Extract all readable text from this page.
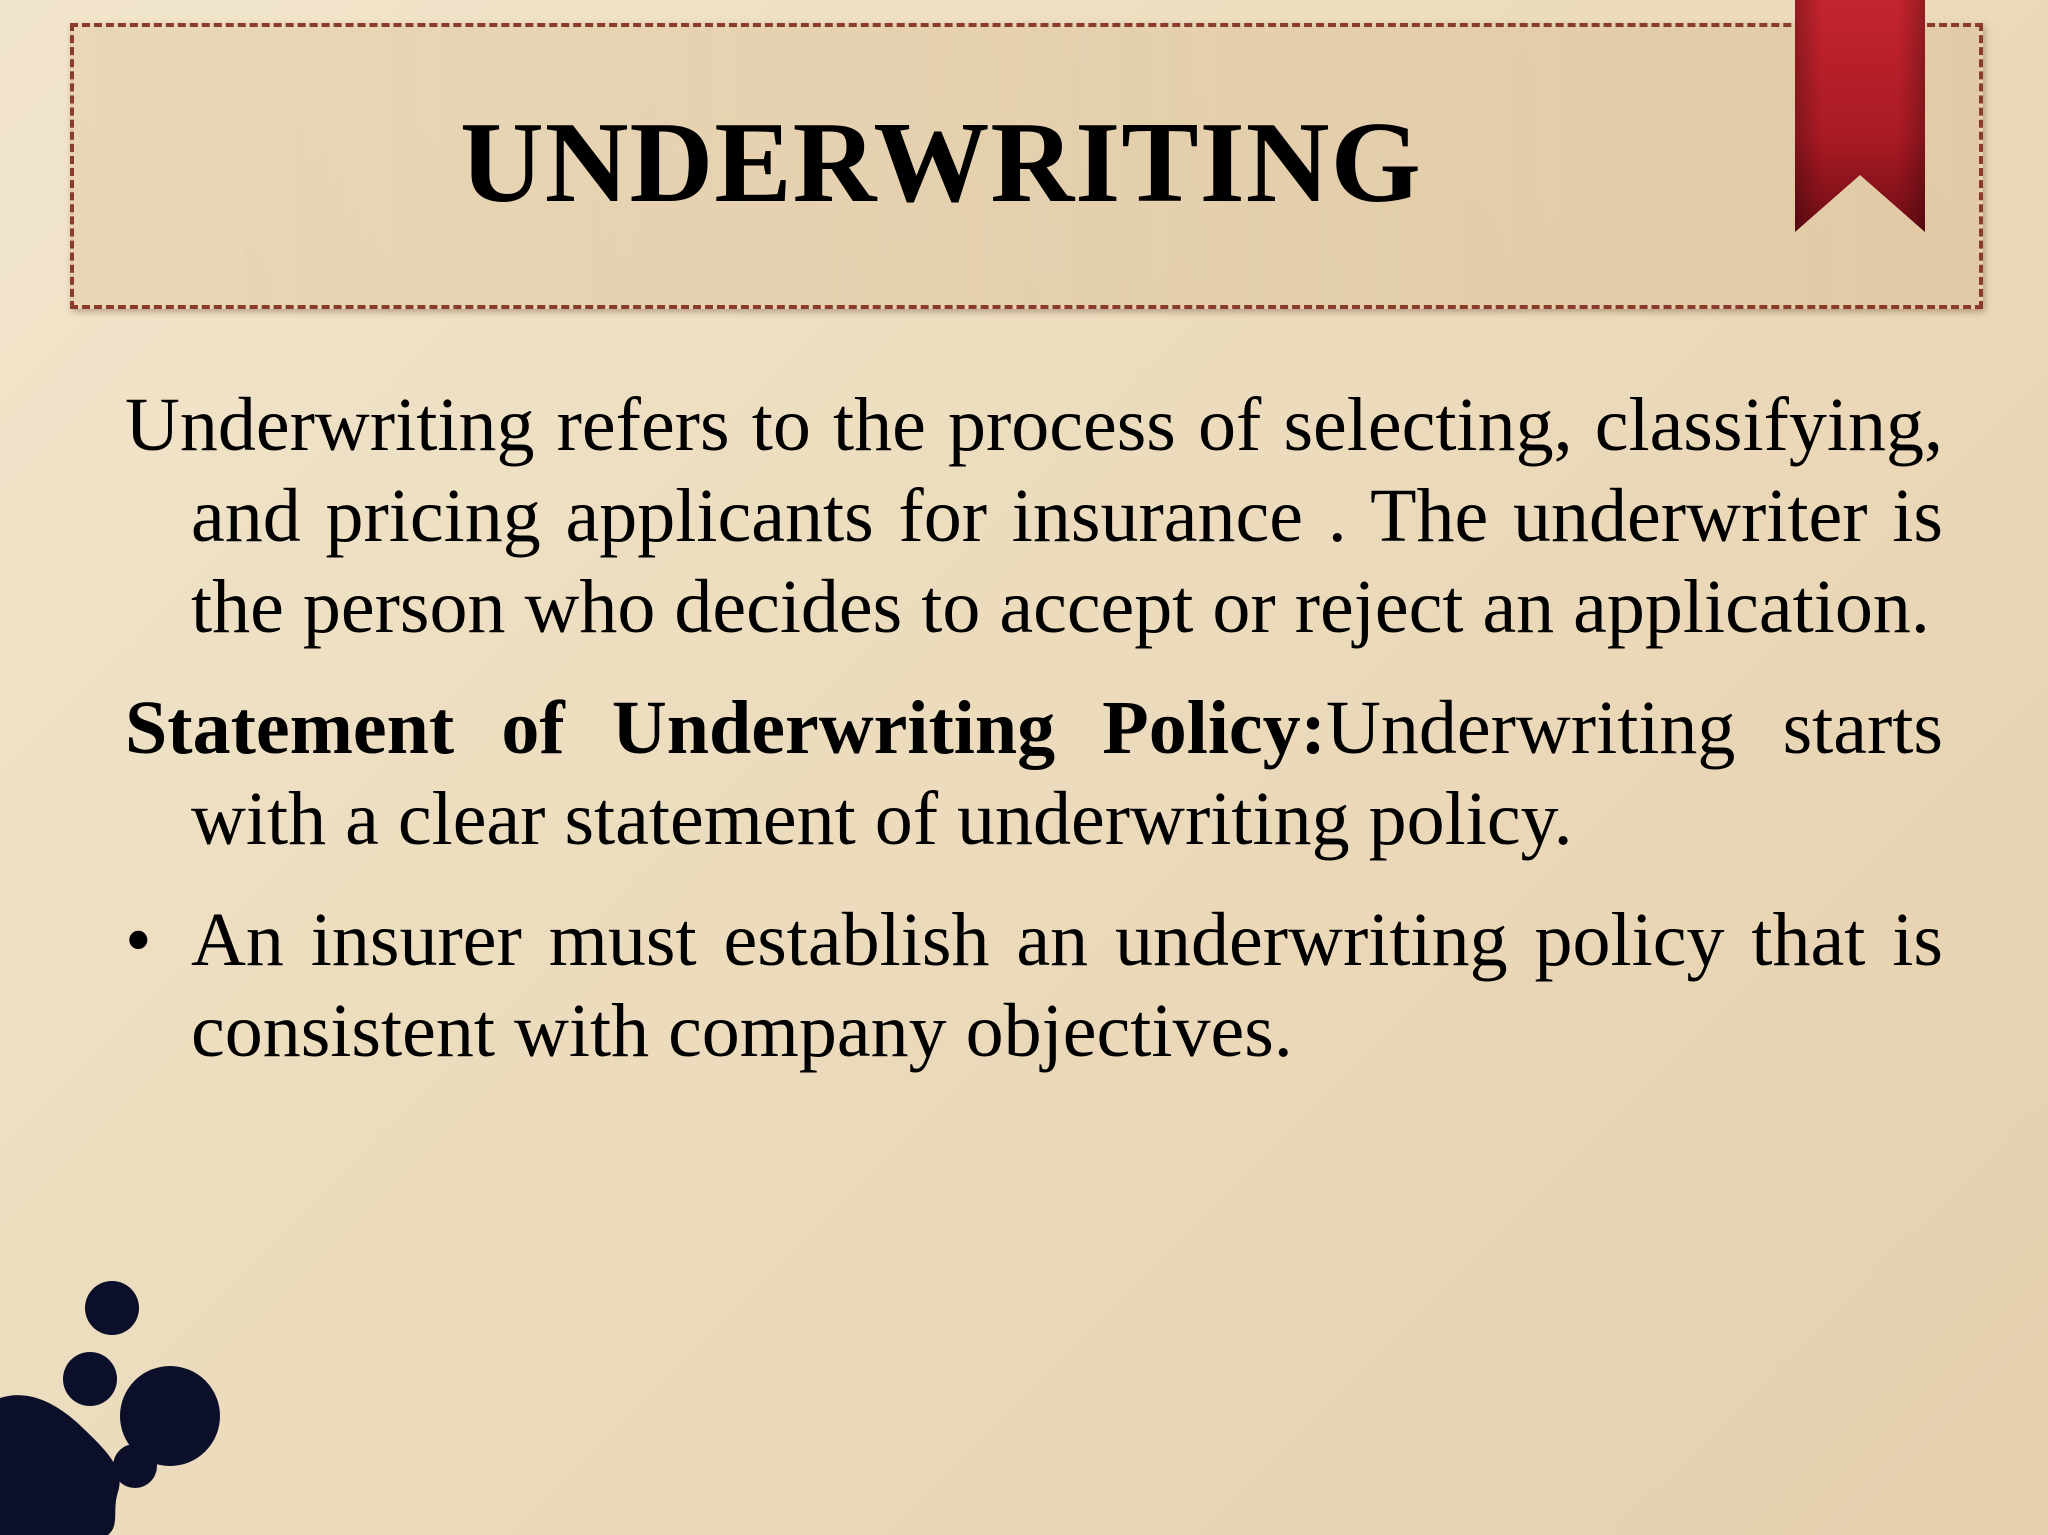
UNDERWRITING

Underwriting refers to the process of selecting, classifying, and pricing applicants for insurance . The underwriter is the person who decides to accept or reject an application.

Statement of Underwriting Policy:Underwriting starts with a clear statement of underwriting policy.

• An insurer must establish an underwriting policy that is consistent with company objectives.
